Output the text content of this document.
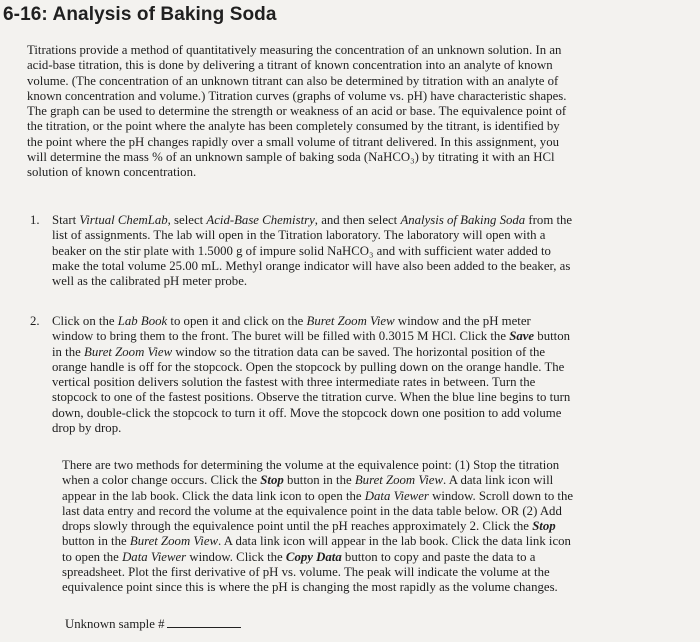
6-16: Analysis of Baking Soda
Titrations provide a method of quantitatively measuring the concentration of an unknown solution. In an
acid-base titration, this is done by delivering a titrant of known concentration into an analyte of known
volume. (The concentration of an unknown titrant can also be determined by titration with an analyte of
known concentration and volume.) Titration curves (graphs of volume vs. pH) have characteristic shapes.
The graph can be used to determine the strength or weakness of an acid or base. The equivalence point of
the titration, or the point where the analyte has been completely consumed by the titrant, is identified by
the point where the pH changes rapidly over a small volume of titrant delivered. In this assignment, you
will determine the mass % of an unknown sample of baking soda (NaHCO₃) by titrating it with an HCl
solution of known concentration.
1. Start Virtual ChemLab, select Acid-Base Chemistry, and then select Analysis of Baking Soda from the
list of assignments. The lab will open in the Titration laboratory. The laboratory will open with a
beaker on the stir plate with 1.5000 g of impure solid NaHCO₃ and with sufficient water added to
make the total volume 25.00 mL. Methyl orange indicator will have also been added to the beaker, as
well as the calibrated pH meter probe.
2. Click on the Lab Book to open it and click on the Buret Zoom View window and the pH meter
window to bring them to the front. The buret will be filled with 0.3015 M HCl. Click the Save button
in the Buret Zoom View window so the titration data can be saved. The horizontal position of the
orange handle is off for the stopcock. Open the stopcock by pulling down on the orange handle. The
vertical position delivers solution the fastest with three intermediate rates in between. Turn the
stopcock to one of the fastest positions. Observe the titration curve. When the blue line begins to turn
down, double-click the stopcock to turn it off. Move the stopcock down one position to add volume
drop by drop.
There are two methods for determining the volume at the equivalence point: (1) Stop the titration
when a color change occurs. Click the Stop button in the Buret Zoom View. A data link icon will
appear in the lab book. Click the data link icon to open the Data Viewer window. Scroll down to the
last data entry and record the volume at the equivalence point in the data table below. OR (2) Add
drops slowly through the equivalence point until the pH reaches approximately 2. Click the Stop
button in the Buret Zoom View. A data link icon will appear in the lab book. Click the data link icon
to open the Data Viewer window. Click the Copy Data button to copy and paste the data to a
spreadsheet. Plot the first derivative of pH vs. volume. The peak will indicate the volume at the
equivalence point since this is where the pH is changing the most rapidly as the volume changes.
Unknown sample #
